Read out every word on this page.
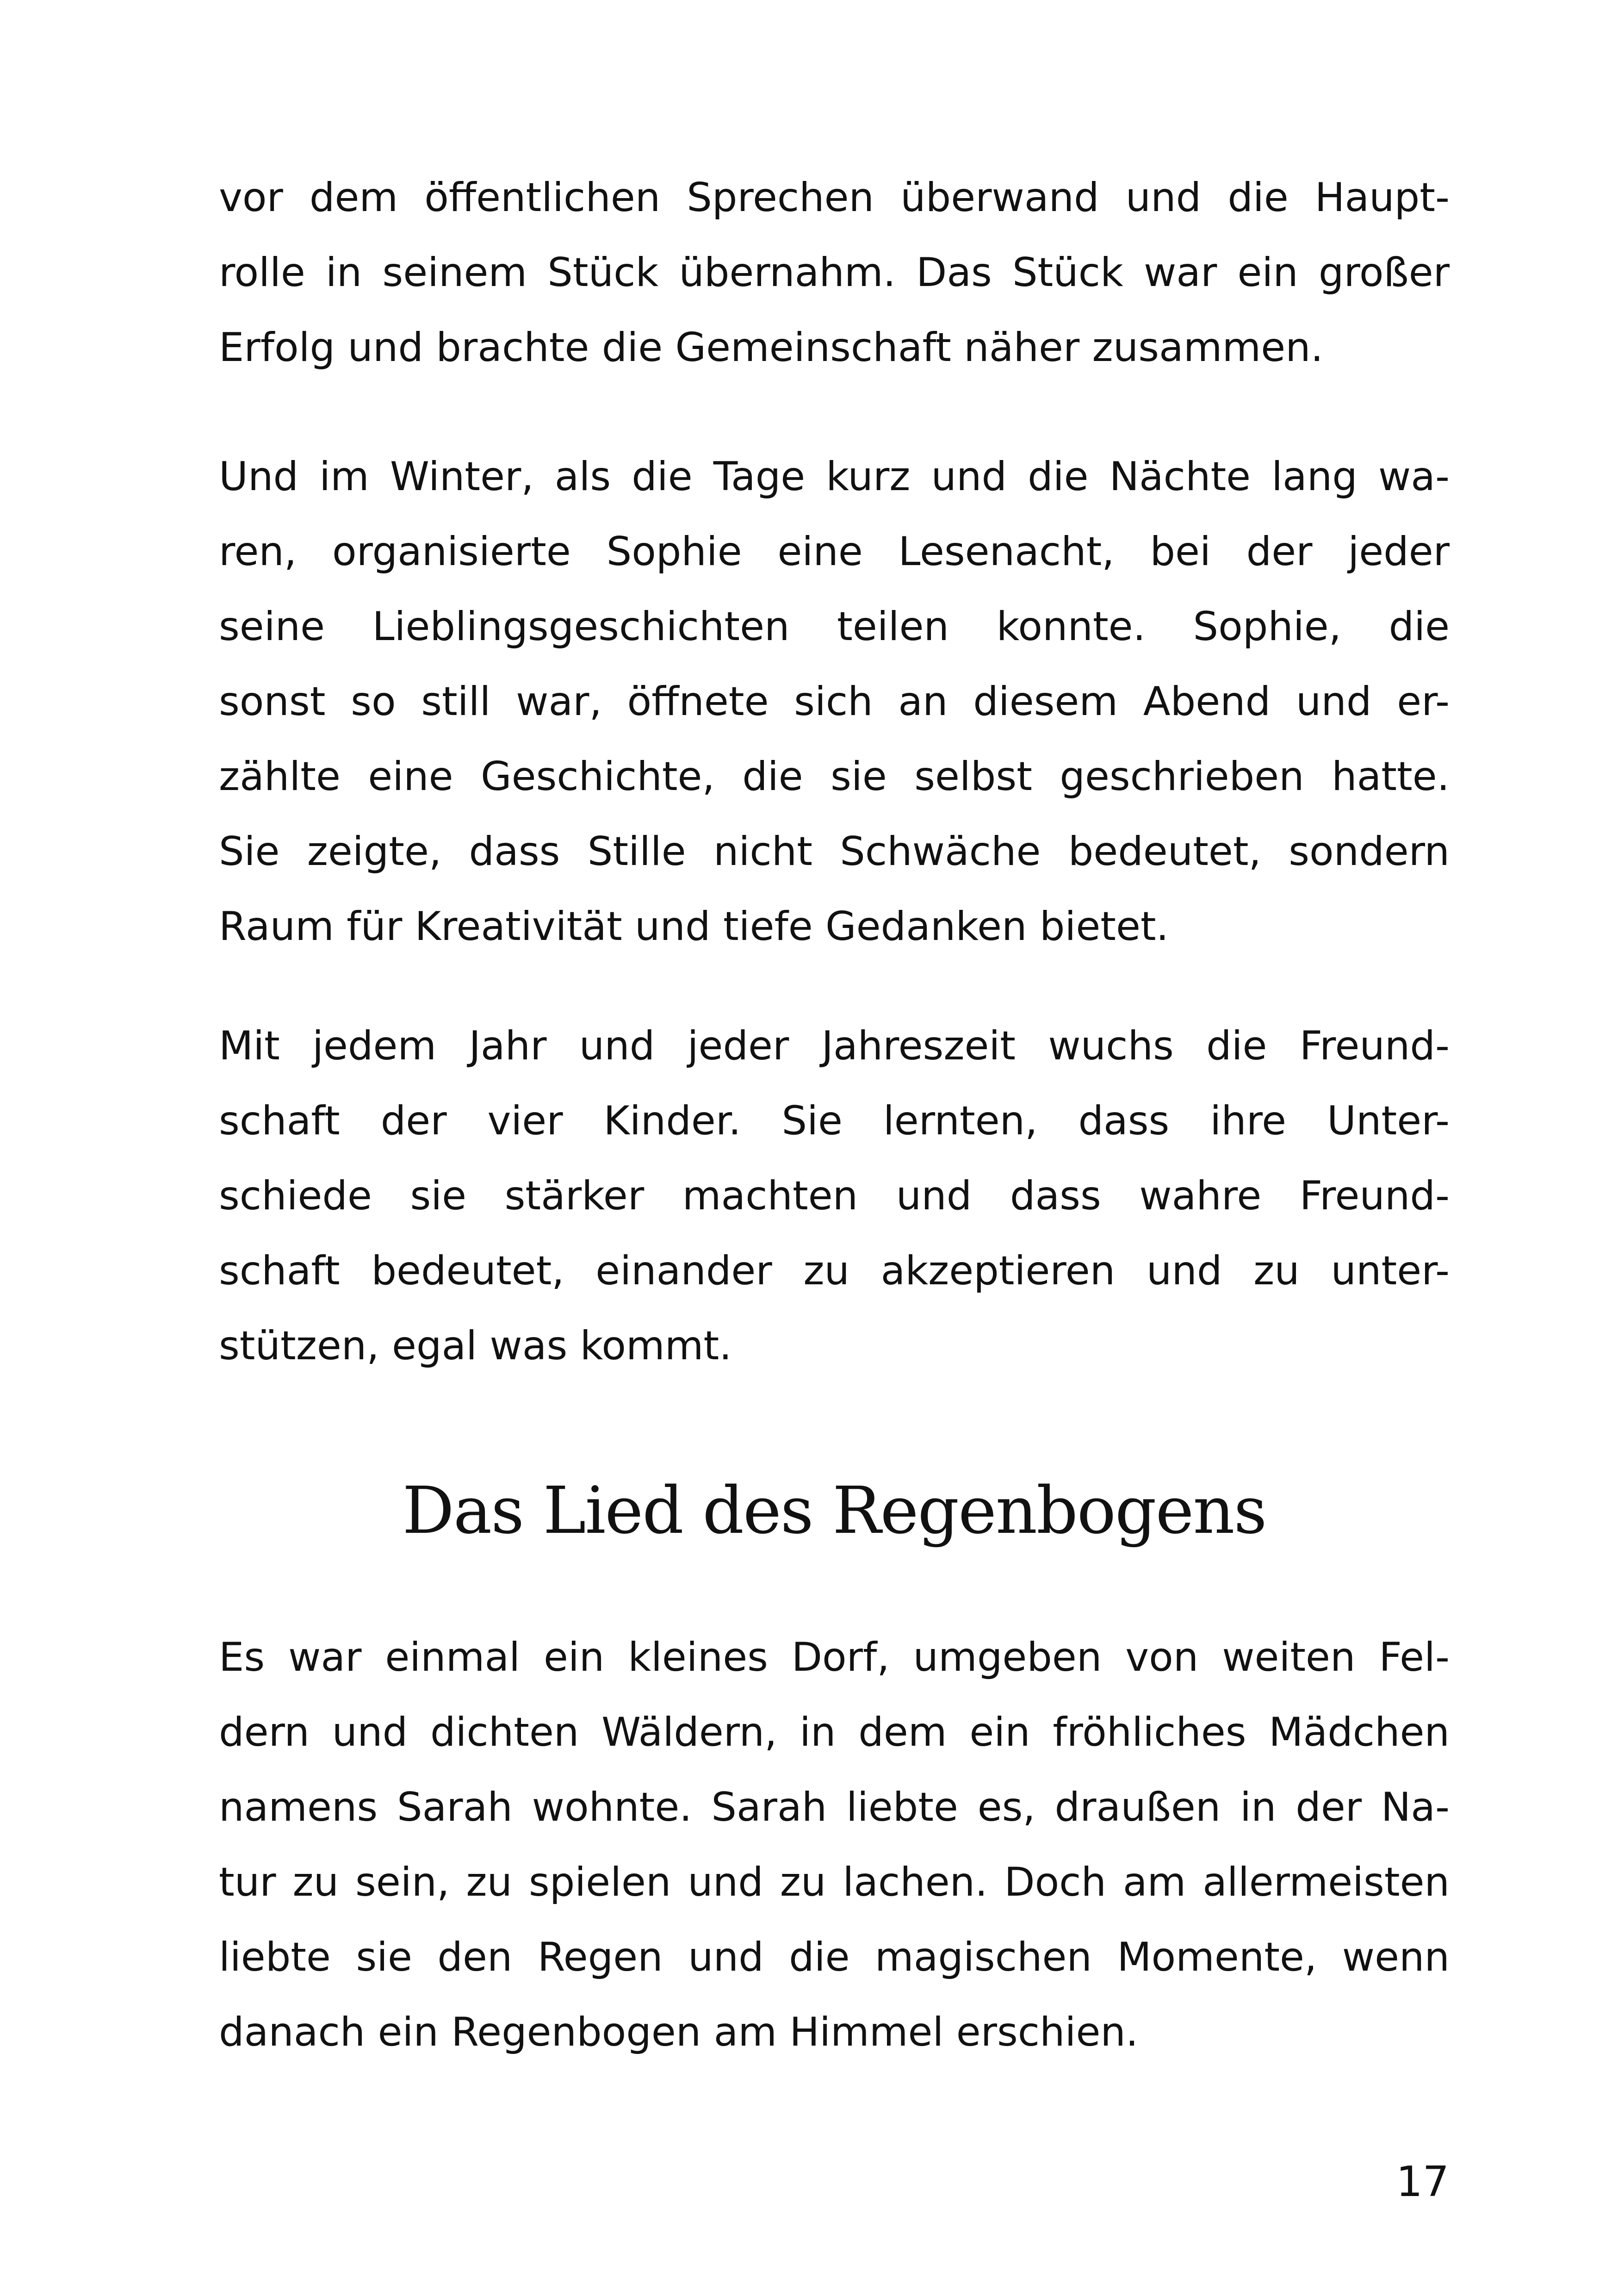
vor dem öffentlichen Sprechen überwand und die Haupt-
rolle in seinem Stück übernahm. Das Stück war ein großer
Erfolg und brachte die Gemeinschaft näher zusammen.
Und im Winter, als die Tage kurz und die Nächte lang wa-
ren, organisierte Sophie eine Lesenacht, bei der jeder
seine Lieblingsgeschichten teilen konnte. Sophie, die
sonst so still war, öffnete sich an diesem Abend und er-
zählte eine Geschichte, die sie selbst geschrieben hatte.
Sie zeigte, dass Stille nicht Schwäche bedeutet, sondern
Raum für Kreativität und tiefe Gedanken bietet.
Mit jedem Jahr und jeder Jahreszeit wuchs die Freund-
schaft der vier Kinder. Sie lernten, dass ihre Unter-
schiede sie stärker machten und dass wahre Freund-
schaft bedeutet, einander zu akzeptieren und zu unter-
stützen, egal was kommt.
Es war einmal ein kleines Dorf, umgeben von weiten Fel-
dern und dichten Wäldern, in dem ein fröhliches Mädchen
namens Sarah wohnte. Sarah liebte es, draußen in der Na-
tur zu sein, zu spielen und zu lachen. Doch am allermeisten
liebte sie den Regen und die magischen Momente, wenn
danach ein Regenbogen am Himmel erschien.
Das Lied des Regenbogens
17
